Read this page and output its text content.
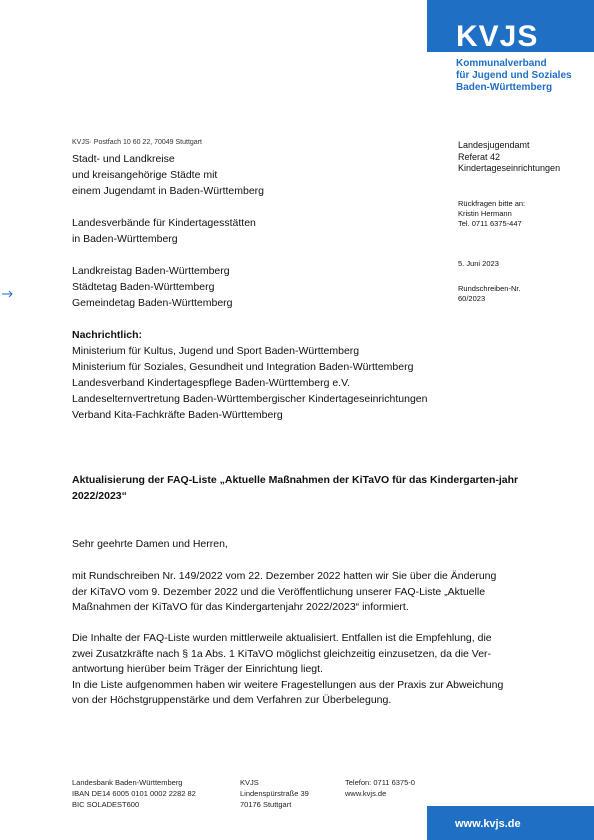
KVJS
Kommunalverband
für Jugend und Soziales
Baden-Württemberg
KVJS· Postfach 10 60 22, 70049 Stuttgart
Stadt- und Landkreise
und kreisangehörige Städte mit
einem Jugendamt in Baden-Württemberg
Landesverbände für Kindertagesstätten
in Baden-Württemberg
Landkreistag Baden-Württemberg
Städtetag Baden-Württemberg
Gemeindetag Baden-Württemberg
Nachrichtlich:
Ministerium für Kultus, Jugend und Sport Baden-Württemberg
Ministerium für Soziales, Gesundheit und Integration Baden-Württemberg
Landesverband Kindertagespflege Baden-Württemberg e.V.
Landeselternvertretung Baden-Württembergischer Kindertageseinrichtungen
Verband Kita-Fachkräfte Baden-Württemberg
Landesjugendamt
Referat 42
Kindertageseinrichtungen
Rückfragen bitte an:
Kristin Hermann
Tel. 0711 6375-447
5. Juni 2023
Rundschreiben-Nr.
60/2023
Aktualisierung der FAQ-Liste „Aktuelle Maßnahmen der KiTaVO für das Kindergarten-jahr 2022/2023“
Sehr geehrte Damen und Herren,
mit Rundschreiben Nr. 149/2022 vom 22. Dezember 2022 hatten wir Sie über die Änderung
der KiTaVO vom 9. Dezember 2022 und die Veröffentlichung unserer FAQ-Liste „Aktuelle
Maßnahmen der KiTaVO für das Kindergartenjahr 2022/2023“ informiert.
Die Inhalte der FAQ-Liste wurden mittlerweile aktualisiert. Entfallen ist die Empfehlung, die
zwei Zusatzkräfte nach § 1a Abs. 1 KiTaVO möglichst gleichzeitig einzusetzen, da die Ver-
antwortung hierüber beim Träger der Einrichtung liegt.
In die Liste aufgenommen haben wir weitere Fragestellungen aus der Praxis zur Abweichung
von der Höchstgruppenstärke und dem Verfahren zur Überbelegung.
Landesbank Baden-Württemberg
IBAN DE14 6005 0101 0002 2282 82
BIC SOLADEST600
KVJS
Lindenspürstraße 39
70176 Stuttgart
Telefon: 0711 6375-0
www.kvjs.de
www.kvjs.de
